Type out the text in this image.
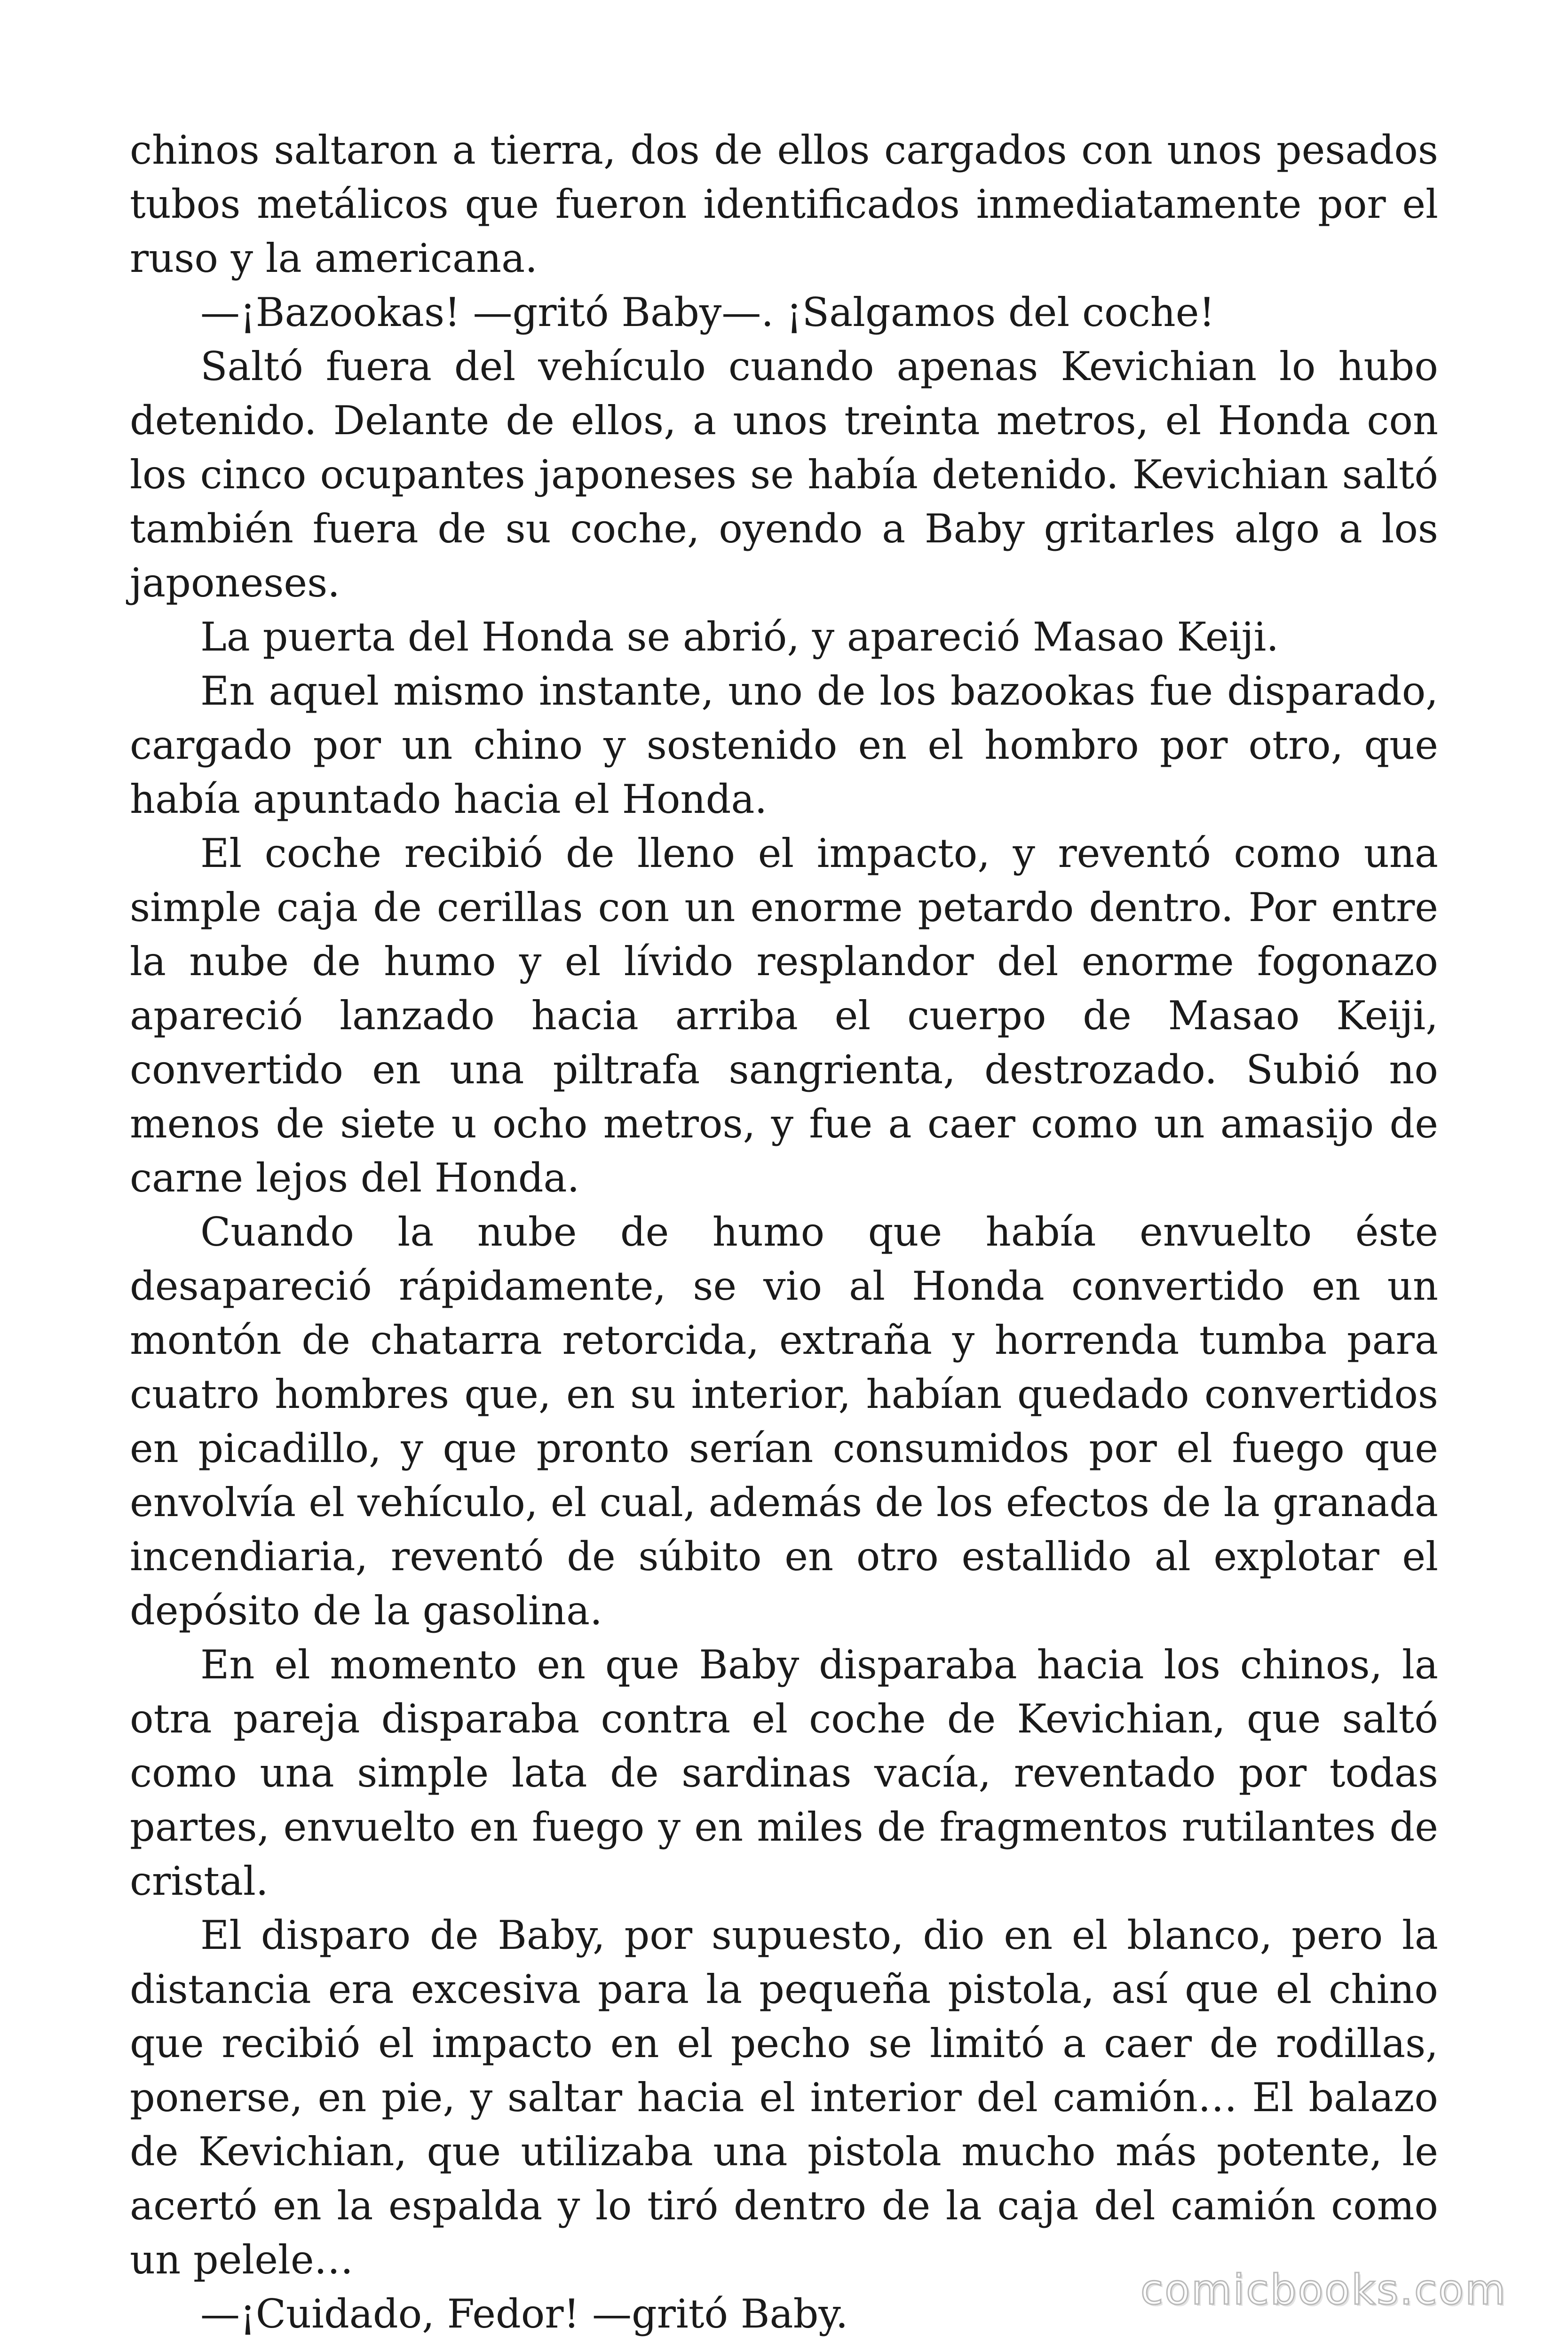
chinos saltaron a tierra, dos de ellos cargados con unos pesados tubos metálicos que fueron identificados inmediatamente por el ruso y la americana.

—¡Bazookas! —gritó Baby—. ¡Salgamos del coche!

Saltó fuera del vehículo cuando apenas Kevichian lo hubo detenido. Delante de ellos, a unos treinta metros, el Honda con los cinco ocupantes japoneses se había detenido. Kevichian saltó también fuera de su coche, oyendo a Baby gritarles algo a los japoneses.

La puerta del Honda se abrió, y apareció Masao Keiji.

En aquel mismo instante, uno de los bazookas fue disparado, cargado por un chino y sostenido en el hombro por otro, que había apuntado hacia el Honda.

El coche recibió de lleno el impacto, y reventó como una simple caja de cerillas con un enorme petardo dentro. Por entre la nube de humo y el lívido resplandor del enorme fogonazo apareció lanzado hacia arriba el cuerpo de Masao Keiji, convertido en una piltrafa sangrienta, destrozado. Subió no menos de siete u ocho metros, y fue a caer como un amasijo de carne lejos del Honda.

Cuando la nube de humo que había envuelto éste desapareció rápidamente, se vio al Honda convertido en un montón de chatarra retorcida, extraña y horrenda tumba para cuatro hombres que, en su interior, habían quedado convertidos en picadillo, y que pronto serían consumidos por el fuego que envolvía el vehículo, el cual, además de los efectos de la granada incendiaria, reventó de súbito en otro estallido al explotar el depósito de la gasolina.

En el momento en que Baby disparaba hacia los chinos, la otra pareja disparaba contra el coche de Kevichian, que saltó como una simple lata de sardinas vacía, reventado por todas partes, envuelto en fuego y en miles de fragmentos rutilantes de cristal.

El disparo de Baby, por supuesto, dio en el blanco, pero la distancia era excesiva para la pequeña pistola, así que el chino que recibió el impacto en el pecho se limitó a caer de rodillas, ponerse, en pie, y saltar hacia el interior del camión… El balazo de Kevichian, que utilizaba una pistola mucho más potente, le acertó en la espalda y lo tiró dentro de la caja del camión como un pelele…

—¡Cuidado, Fedor! —gritó Baby.	comicbooks.com
